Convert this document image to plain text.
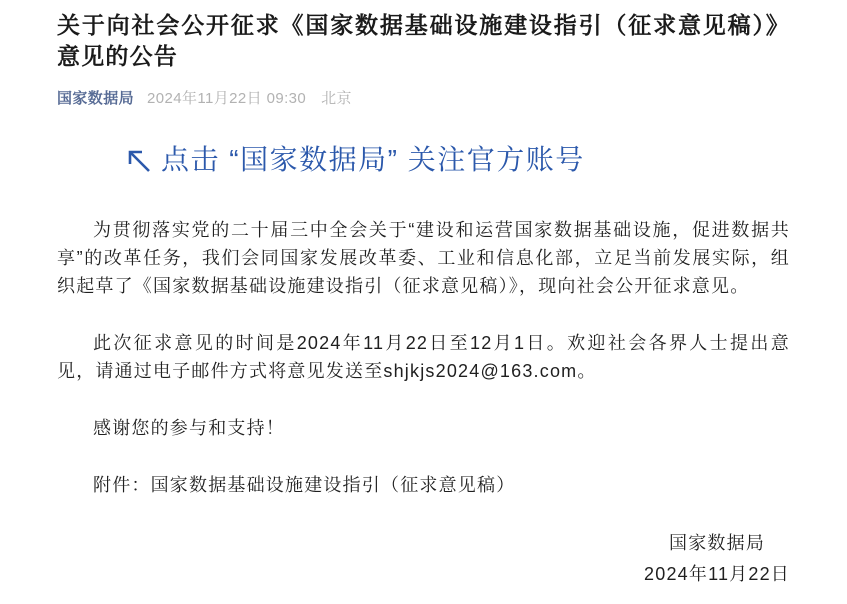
关于向社会公开征求《国家数据基础设施建设指引（征求意见稿）》意见的公告
国家数据局 2024年11月22日 09:30 北京
点击 “国家数据局” 关注官方账号

为贯彻落实党的二十届三中全会关于“建设和运营国家数据基础设施，促进数据共享”的改革任务，我们会同国家发展改革委、工业和信息化部，立足当前发展实际，组织起草了《国家数据基础设施建设指引（征求意见稿）》，现向社会公开征求意见。

此次征求意见的时间是2024年11月22日至12月1日。欢迎社会各界人士提出意见，请通过电子邮件方式将意见发送至shjkjs2024@163.com。

感谢您的参与和支持！

附件：国家数据基础设施建设指引（征求意见稿）

国家数据局
2024年11月22日
